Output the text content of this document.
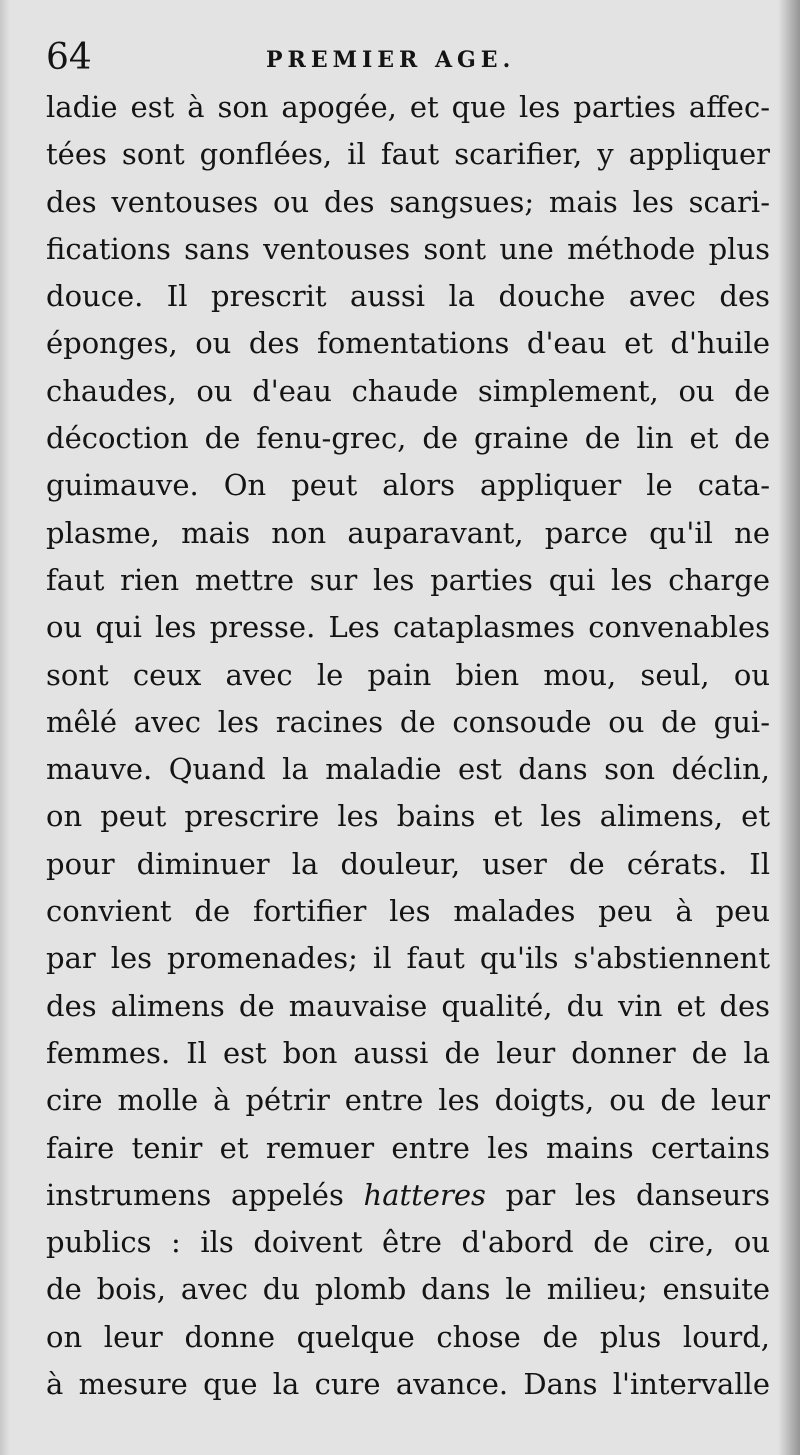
64	PREMIER AGE.
ladie est à son apogée, et que les parties affec-
tées sont gonflées, il faut scarifier, y appliquer
des ventouses ou des sangsues; mais les scari-
fications sans ventouses sont une méthode plus
douce. Il prescrit aussi la douche avec des
éponges, ou des fomentations d'eau et d'huile
chaudes, ou d'eau chaude simplement, ou de
décoction de fenu-grec, de graine de lin et de
guimauve. On peut alors appliquer le cata-
plasme, mais non auparavant, parce qu'il ne
faut rien mettre sur les parties qui les charge
ou qui les presse. Les cataplasmes convenables
sont ceux avec le pain bien mou, seul, ou
mêlé avec les racines de consoude ou de gui-
mauve. Quand la maladie est dans son déclin,
on peut prescrire les bains et les alimens, et
pour diminuer la douleur, user de cérats. Il
convient de fortifier les malades peu à peu
par les promenades; il faut qu'ils s'abstiennent
des alimens de mauvaise qualité, du vin et des
femmes. Il est bon aussi de leur donner de la
cire molle à pétrir entre les doigts, ou de leur
faire tenir et remuer entre les mains certains
instrumens appelés hatteres par les danseurs
publics : ils doivent être d'abord de cire, ou
de bois, avec du plomb dans le milieu; ensuite
on leur donne quelque chose de plus lourd,
à mesure que la cure avance. Dans l'intervalle
